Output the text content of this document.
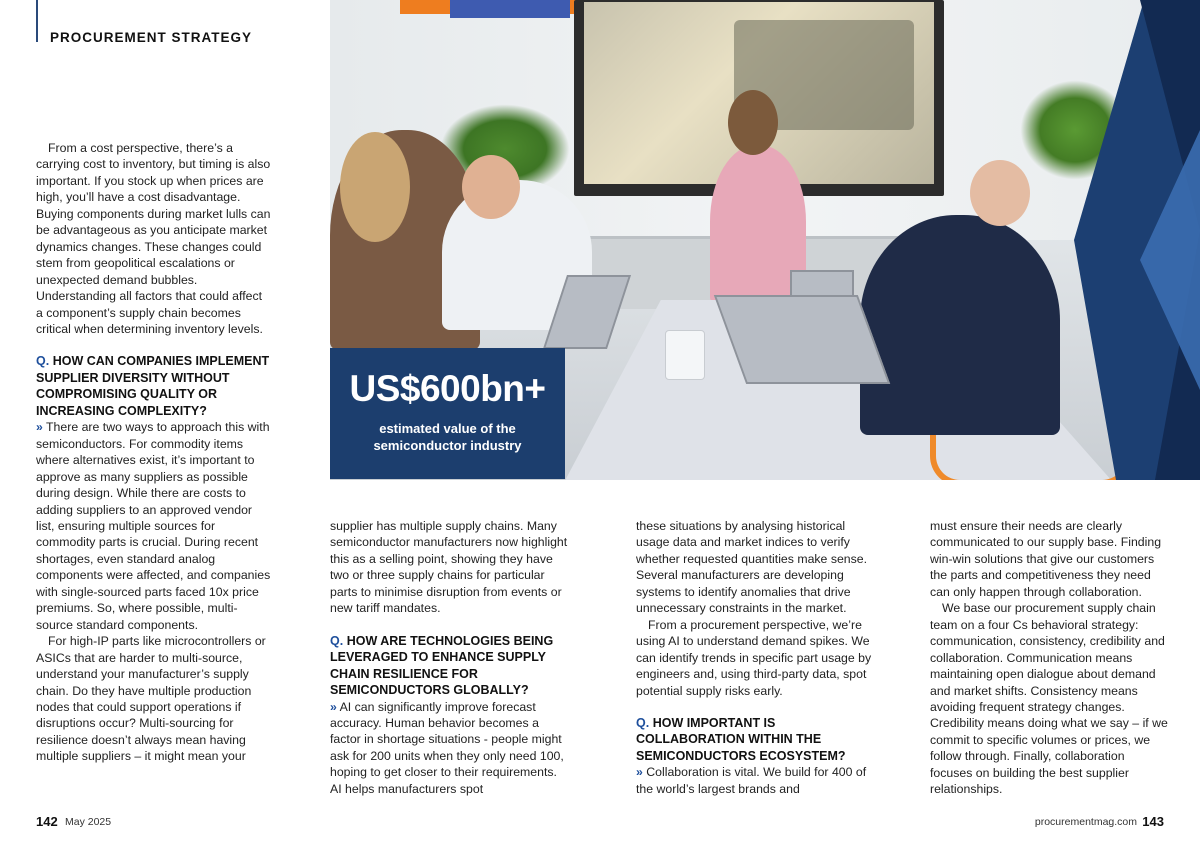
PROCUREMENT STRATEGY

From a cost perspective, there’s a carrying cost to inventory, but timing is also important. If you stock up when prices are high, you’ll have a cost disadvantage. Buying components during market lulls can be advantageous as you anticipate market dynamics changes. These changes could stem from geopolitical escalations or unexpected demand bubbles. Understanding all factors that could affect a component’s supply chain becomes critical when determining inventory levels.

Q. HOW CAN COMPANIES IMPLEMENT SUPPLIER DIVERSITY WITHOUT COMPROMISING QUALITY OR INCREASING COMPLEXITY?

» There are two ways to approach this with semiconductors. For commodity items where alternatives exist, it’s important to approve as many suppliers as possible during design. While there are costs to adding suppliers to an approved vendor list, ensuring multiple sources for commodity parts is crucial. During recent shortages, even standard analog components were affected, and companies with single-sourced parts faced 10x price premiums. So, where possible, multi-source standard components.

For high-IP parts like microcontrollers or ASICs that are harder to multi-source, understand your manufacturer’s supply chain. Do they have multiple production nodes that could support operations if disruptions occur? Multi-sourcing for resilience doesn’t always mean having multiple suppliers – it might mean your

US$600bn+
estimated value of the semiconductor industry

supplier has multiple supply chains. Many semiconductor manufacturers now highlight this as a selling point, showing they have two or three supply chains for particular parts to minimise disruption from events or new tariff mandates.

Q. HOW ARE TECHNOLOGIES BEING LEVERAGED TO ENHANCE SUPPLY CHAIN RESILIENCE FOR SEMICONDUCTORS GLOBALLY?

» AI can significantly improve forecast accuracy. Human behavior becomes a factor in shortage situations - people might ask for 200 units when they only need 100, hoping to get closer to their requirements. AI helps manufacturers spot

these situations by analysing historical usage data and market indices to verify whether requested quantities make sense. Several manufacturers are developing systems to identify anomalies that drive unnecessary constraints in the market.

From a procurement perspective, we’re using AI to understand demand spikes. We can identify trends in specific part usage by engineers and, using third-party data, spot potential supply risks early.

Q. HOW IMPORTANT IS COLLABORATION WITHIN THE SEMICONDUCTORS ECOSYSTEM?

» Collaboration is vital. We build for 400 of the world’s largest brands and

must ensure their needs are clearly communicated to our supply base. Finding win-win solutions that give our customers the parts and competitiveness they need can only happen through collaboration.

We base our procurement supply chain team on a four Cs behavioral strategy: communication, consistency, credibility and collaboration. Communication means maintaining open dialogue about demand and market shifts. Consistency means avoiding frequent strategy changes. Credibility means doing what we say – if we commit to specific volumes or prices, we follow through. Finally, collaboration focuses on building the best supplier relationships.

142 May 2025	procurementmag.com 143
